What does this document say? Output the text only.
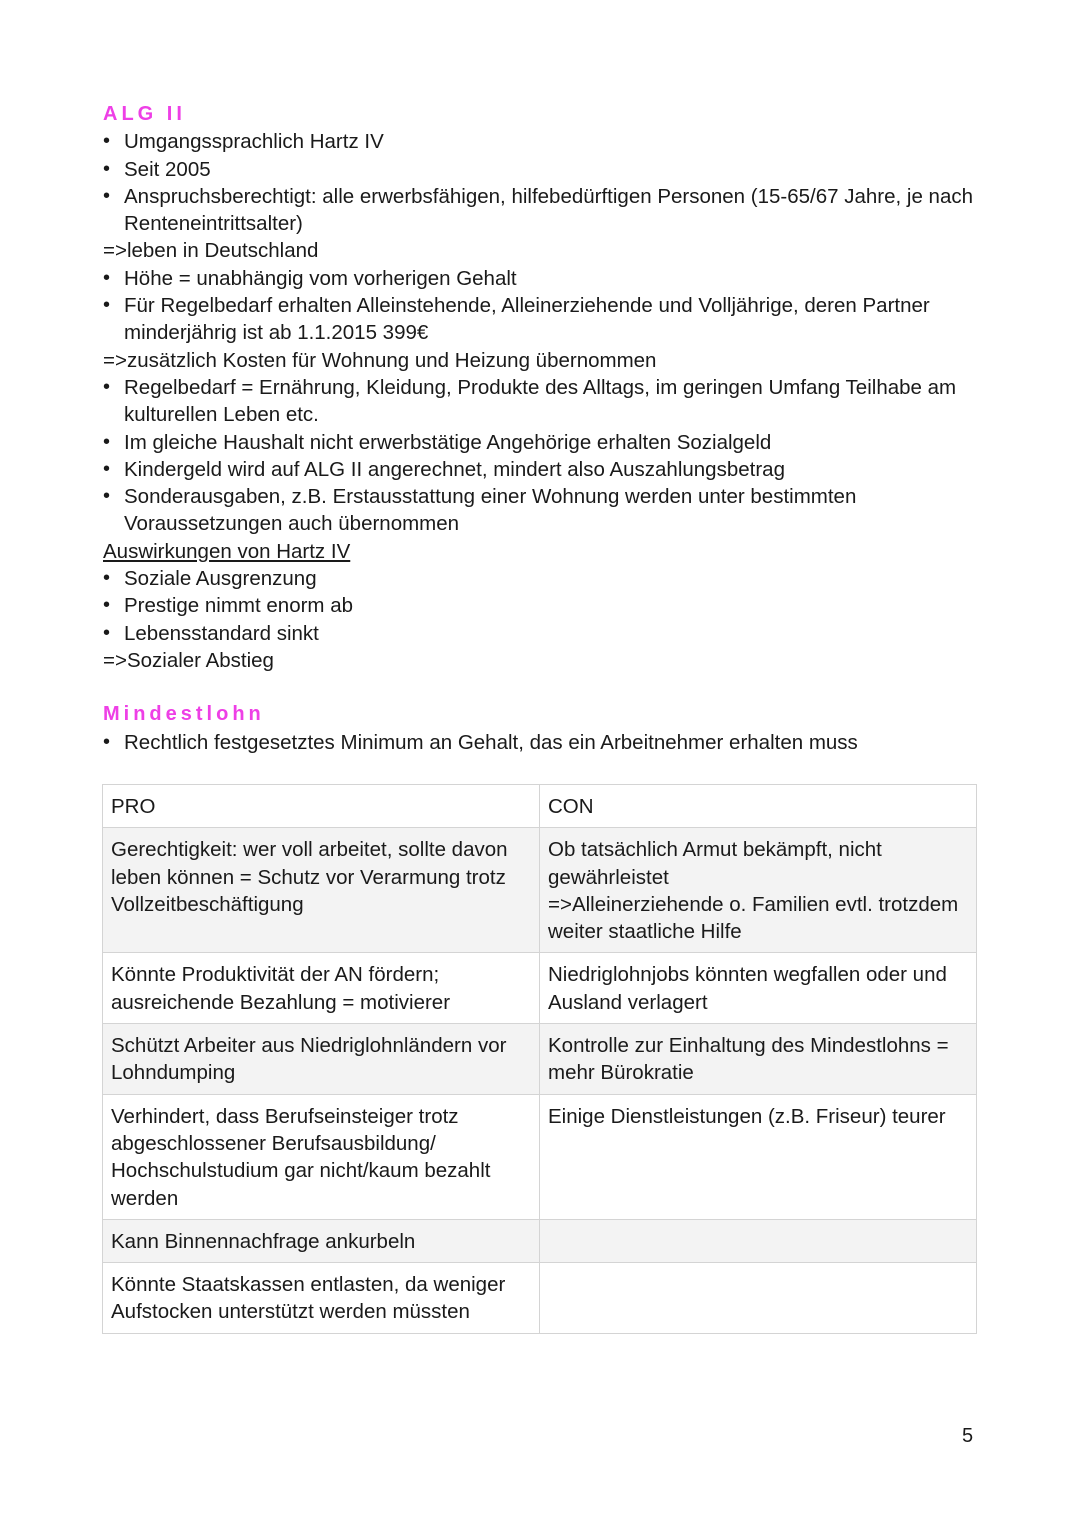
ALG II
• Umgangssprachlich Hartz IV
• Seit 2005
• Anspruchsberechtigt: alle erwerbsfähigen, hilfebedürftigen Personen (15-65/67 Jahre, je nach Renteneintrittsalter)

=>leben in Deutschland

• Höhe = unabhängig vom vorherigen Gehalt
• Für Regelbedarf erhalten Alleinstehende, Alleinerziehende und Volljährige, deren Partner minderjährig ist ab 1.1.2015 399€

=>zusätzlich Kosten für Wohnung und Heizung übernommen

• Regelbedarf = Ernährung, Kleidung, Produkte des Alltags, im geringen Umfang Teilhabe am kulturellen Leben etc.
• Im gleiche Haushalt nicht erwerbstätige Angehörige erhalten Sozialgeld
• Kindergeld wird auf ALG II angerechnet, mindert also Auszahlungsbetrag
• Sonderausgaben, z.B. Erstausstattung einer Wohnung werden unter bestimmten Voraussetzungen auch übernommen

Auswirkungen von Hartz IV

• Soziale Ausgrenzung
• Prestige nimmt enorm ab
• Lebensstandard sinkt

=>Sozialer Abstieg

Mindestlohn
• Rechtlich festgesetztes Minimum an Gehalt, das ein Arbeitnehmer erhalten muss
PRO	CON
Gerechtigkeit: wer voll arbeitet, sollte davon leben können = Schutz vor Verarmung trotz Vollzeitbeschäftigung	Ob tatsächlich Armut bekämpft, nicht gewährleistet
=>Alleinerziehende o. Familien evtl. trotzdem weiter staatliche Hilfe
Könnte Produktivität der AN fördern; ausreichende Bezahlung = motivierer	Niedriglohnjobs könnten wegfallen oder und Ausland verlagert
Schützt Arbeiter aus Niedriglohnländern vor Lohndumping	Kontrolle zur Einhaltung des Mindestlohns = mehr Bürokratie
Verhindert, dass Berufseinsteiger trotz abgeschlossener Berufsausbildung/ Hochschulstudium gar nicht/kaum bezahlt werden	Einige Dienstleistungen (z.B. Friseur) teurer
Kann Binnennachfrage ankurbeln	
Könnte Staatskassen entlasten, da weniger Aufstocken unterstützt werden müssten	
5
